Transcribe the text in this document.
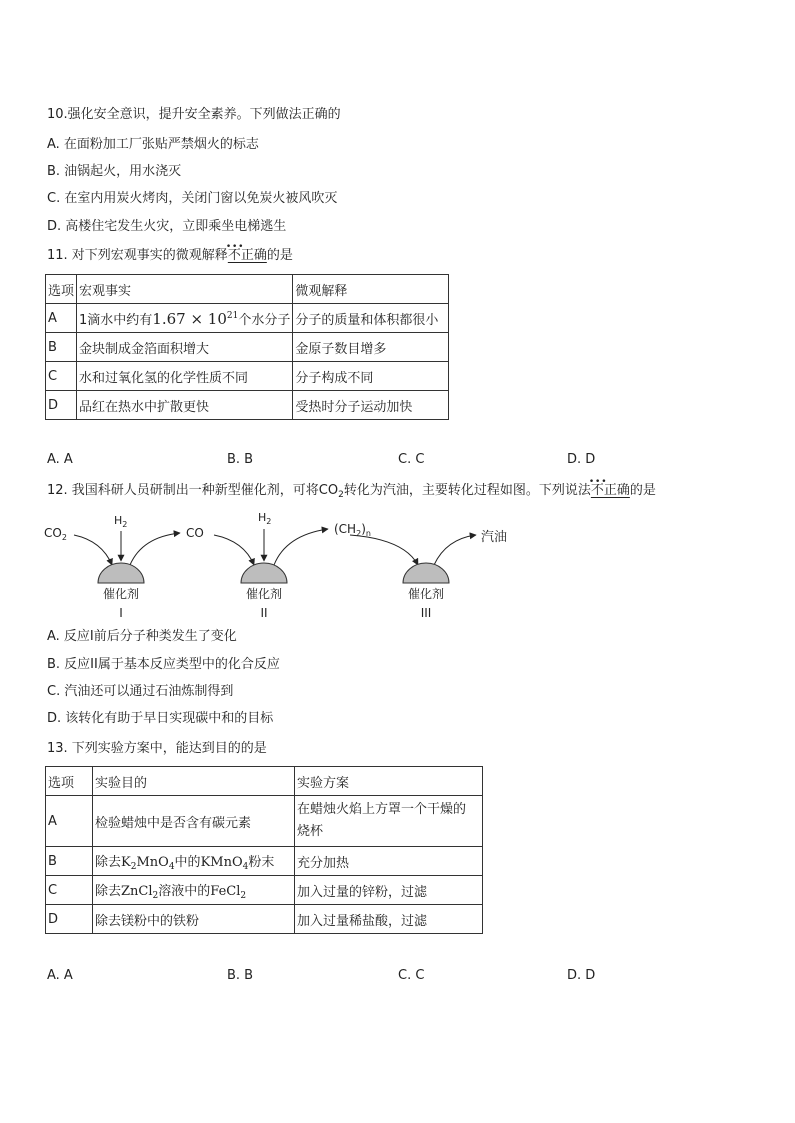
10.强化安全意识，提升安全素养。下列做法正确的
A. 在面粉加工厂张贴严禁烟火的标志
B. 油锅起火，用水浇灭
C. 在室内用炭火烤肉，关闭门窗以免炭火被风吹灭
D. 高楼住宅发生火灾，立即乘坐电梯逃生
11. 对下列宏观事实的微观解释不正确 • • •的是
选项	宏观事实	微观解释
A	1滴水中约有$1.67 \times 10^{21}$个水分子	分子的质量和体积都很小
B	金块制成金箔面积增大	金原子数目增多
C	水和过氧化氢的化学性质不同	分子构成不同
D	品红在热水中扩散更快	受热时分子运动加快
A. A	B. B	C. C	D. D
12. 我国科研人员研制出一种新型催化剂，可将$CO_2$转化为汽油，主要转化过程如图。下列说法不正确 • • •的是
$CO_2$
$H_2$
CO
$H_2$
$(CH_2)_n$	汽油
催化剂	催化剂	催化剂
I	II	III
A. 反应I前后分子种类发生了变化
B. 反应II属于基本反应类型中的化合反应
C. 汽油还可以通过石油炼制得到
D. 该转化有助于早日实现碳中和的目标
13. 下列实验方案中，能达到目的的是
选项	实验目的	实验方案
A	检验蜡烛中是否含有碳元素	在蜡烛火焰上方罩一个干燥的
烧杯

B	除去$K_2MnO_4$中的KMnO$_4$粉末	充分加热
C	除去ZnCl$_2$溶液中的FeCl$_2$	加入过量的锌粉，过滤
D	除去镁粉中的铁粉	加入过量稀盐酸，过滤
A. A	B. B	C. C	D. D
